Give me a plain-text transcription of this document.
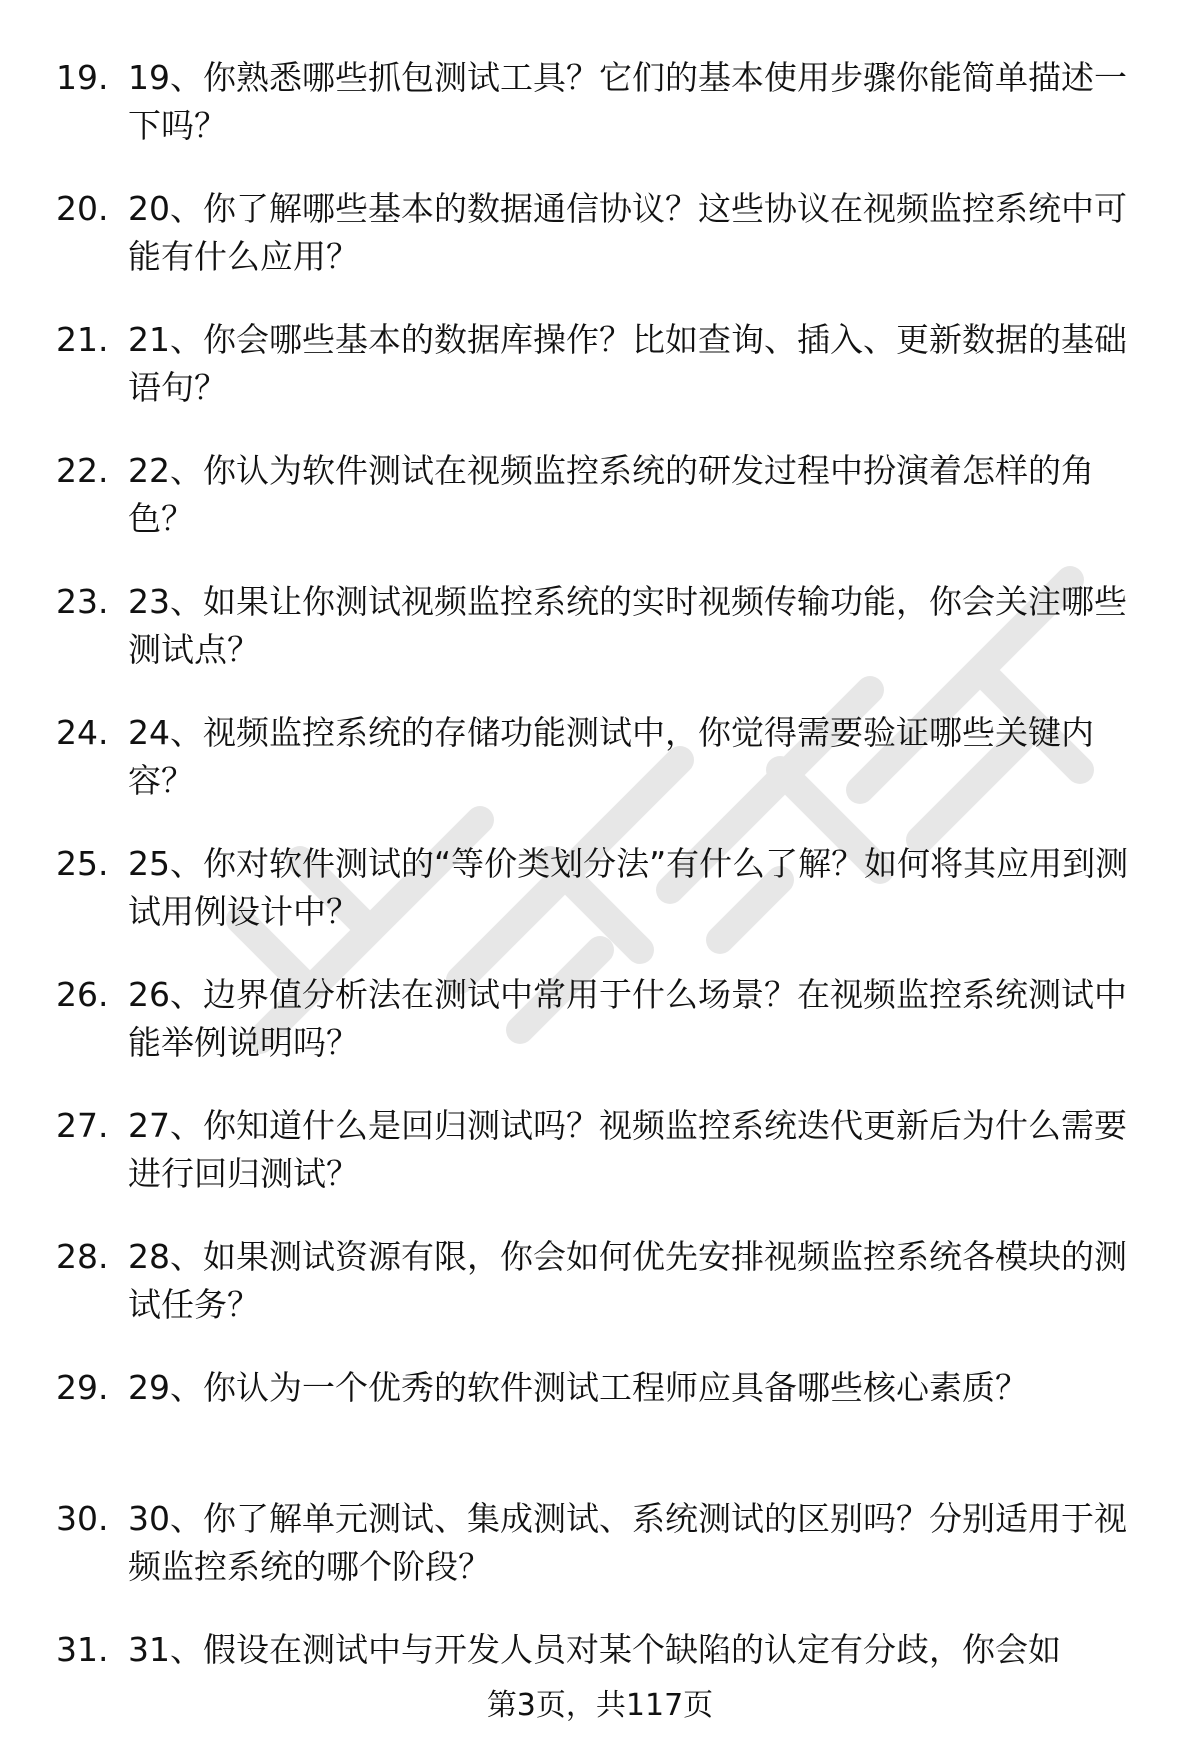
19. 19、你熟悉哪些抓包测试工具？它们的基本使用步骤你能简单描述一下吗？
20. 20、你了解哪些基本的数据通信协议？这些协议在视频监控系统中可能有什么应用？
21. 21、你会哪些基本的数据库操作？比如查询、插入、更新数据的基础语句？
22. 22、你认为软件测试在视频监控系统的研发过程中扮演着怎样的角色？
23. 23、如果让你测试视频监控系统的实时视频传输功能，你会关注哪些测试点？
24. 24、视频监控系统的存储功能测试中，你觉得需要验证哪些关键内容？
25. 25、你对软件测试的“等价类划分法”有什么了解？如何将其应用到测试用例设计中？
26. 26、边界值分析法在测试中常用于什么场景？在视频监控系统测试中能举例说明吗？
27. 27、你知道什么是回归测试吗？视频监控系统迭代更新后为什么需要进行回归测试？
28. 28、如果测试资源有限，你会如何优先安排视频监控系统各模块的测试任务？
29. 29、你认为一个优秀的软件测试工程师应具备哪些核心素质？
30. 30、你了解单元测试、集成测试、系统测试的区别吗？分别适用于视频监控系统的哪个阶段？
31. 31、假设在测试中与开发人员对某个缺陷的认定有分歧，你会如
第3页，共117页
